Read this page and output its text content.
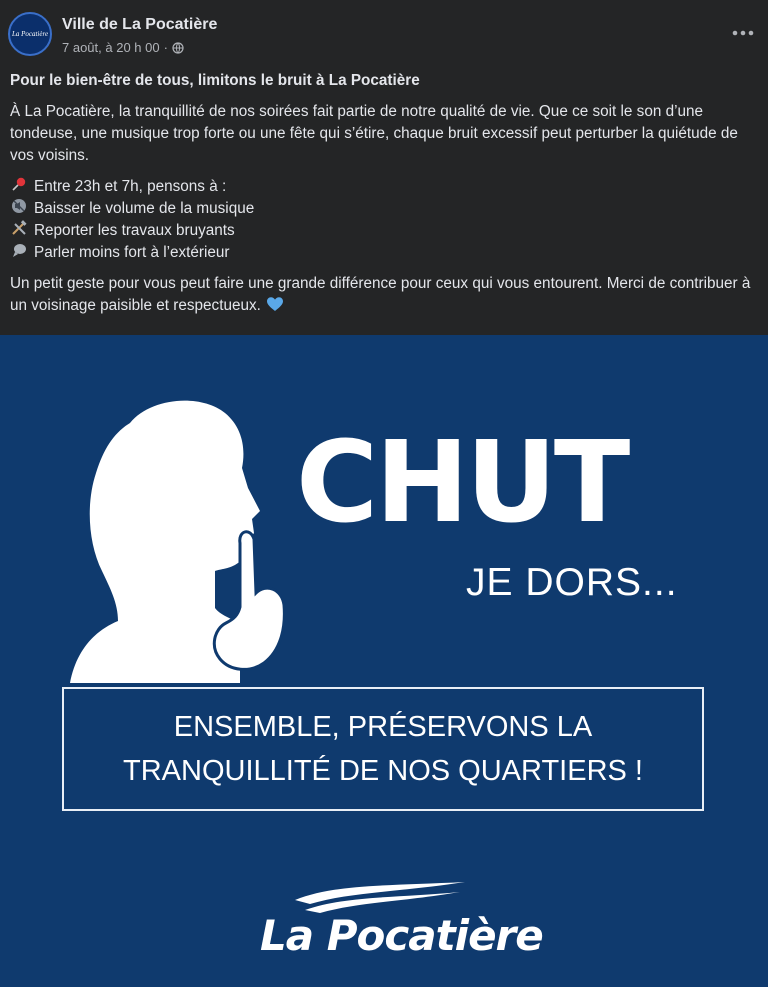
La Pocatière
Ville de La Pocatière
7 août, à 20 h 00 ·

Pour le bien-être de tous, limitons le bruit à La Pocatière

À La Pocatière, la tranquillité de nos soirées fait partie de notre qualité de vie. Que ce soit le son d’une tondeuse, une musique trop forte ou une fête qui s’étire, chaque bruit excessif peut perturber la quiétude de vos voisins.

Entre 23h et 7h, pensons à :

Baisser le volume de la musique

Reporter les travaux bruyants

Parler moins fort à l’extérieur

Un petit geste pour vous peut faire une grande différence pour ceux qui vous entourent. Merci de contribuer à un voisinage paisible et respectueux.

CHUT
JE DORS...
ENSEMBLE, PRÉSERVONS LA
TRANQUILLITÉ DE NOS QUARTIERS !
La Pocatière
